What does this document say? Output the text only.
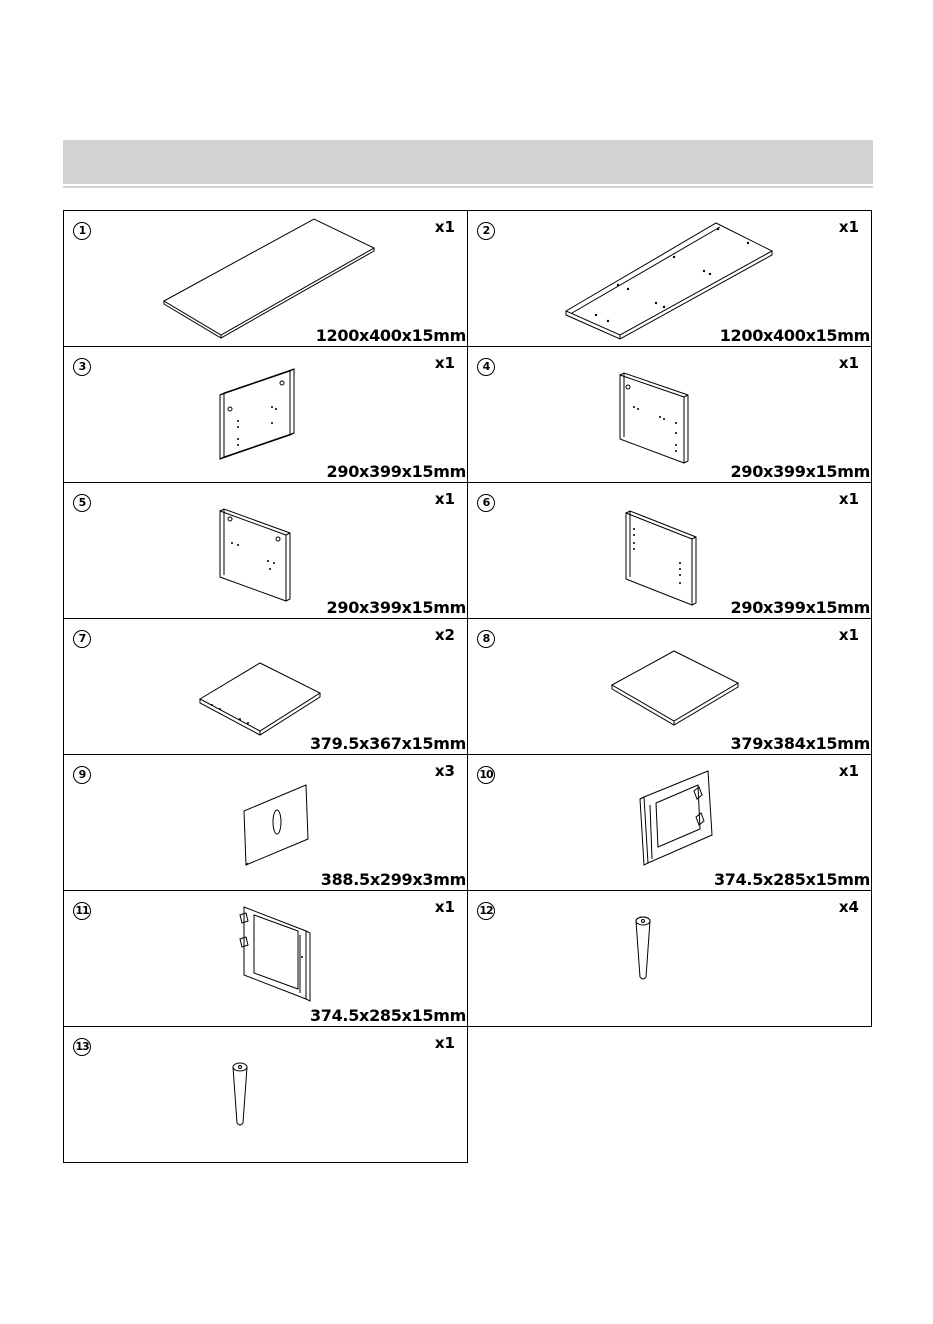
1	x1
1200x400x15mm
2	x1
1200x400x15mm
3	x1
290x399x15mm
4	x1
290x399x15mm
5	x1
290x399x15mm
6	x1
290x399x15mm
7	x2
379.5x367x15mm
8	x1
379x384x15mm
9	x3
388.5x299x3mm
10	x1
374.5x285x15mm
11	x1
374.5x285x15mm
12	x4
13	x1
